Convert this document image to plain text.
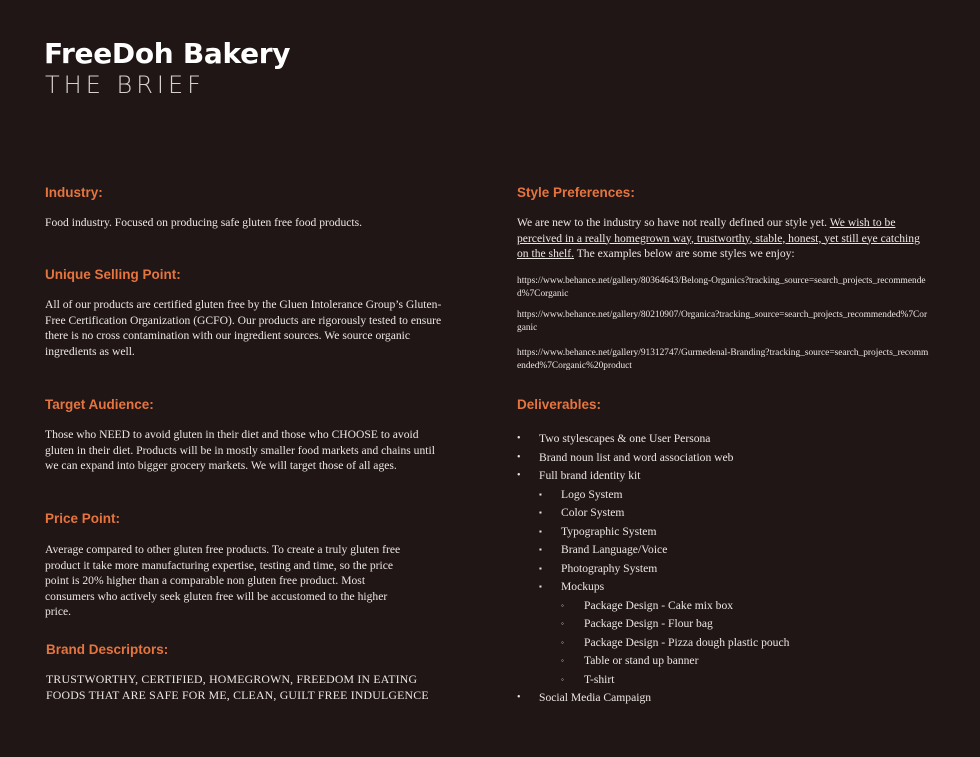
FreeDoh Bakery
THE BRIEF
Industry:
Food industry. Focused on producing safe gluten free food products.
Unique Selling Point:
All of our products are certified gluten free by the Gluen Intolerance Group’s Gluten-Free Certification Organization (GCFO). Our products are rigorously tested to ensure there is no cross contamination with our ingredient sources. We source organic ingredients as well.
Target Audience:
Those who NEED to avoid gluten in their diet and those who CHOOSE to avoid gluten in their diet. Products will be in mostly smaller food markets and chains until we can expand into bigger grocery markets. We will target those of all ages.
Price Point:
Average compared to other gluten free products. To create a truly gluten free product it take more manufacturing expertise, testing and time, so the price point is 20% higher than a comparable non gluten free product. Most consumers who actively seek gluten free will be accustomed to the higher price.
Brand Descriptors:
TRUSTWORTHY, CERTIFIED, HOMEGROWN, FREEDOM IN EATING FOODS THAT ARE SAFE FOR ME, CLEAN, GUILT FREE INDULGENCE
Style Preferences:
We are new to the industry so have not really defined our style yet. We wish to be perceived in a really homegrown way, trustworthy, stable, honest, yet still eye catching on the shelf. The examples below are some styles we enjoy:
https://www.behance.net/gallery/80364643/Belong-Organics?tracking_source=search_projects_recommended%7Corganic
https://www.behance.net/gallery/80210907/Organica?tracking_source=search_projects_recommended%7Corganic
https://www.behance.net/gallery/91312747/Gurmedenal-Branding?tracking_source=search_projects_recommended%7Corganic%20product
Deliverables:
• Two stylescapes & one User Persona
• Brand noun list and word association web
• Full brand identity kit
▪ Logo System
▪ Color System
▪ Typographic System
▪ Brand Language/Voice
▪ Photography System
▪ Mockups
◦ Package Design - Cake mix box
◦ Package Design - Flour bag
◦ Package Design - Pizza dough plastic pouch
◦ Table or stand up banner
◦ T-shirt
• Social Media Campaign
